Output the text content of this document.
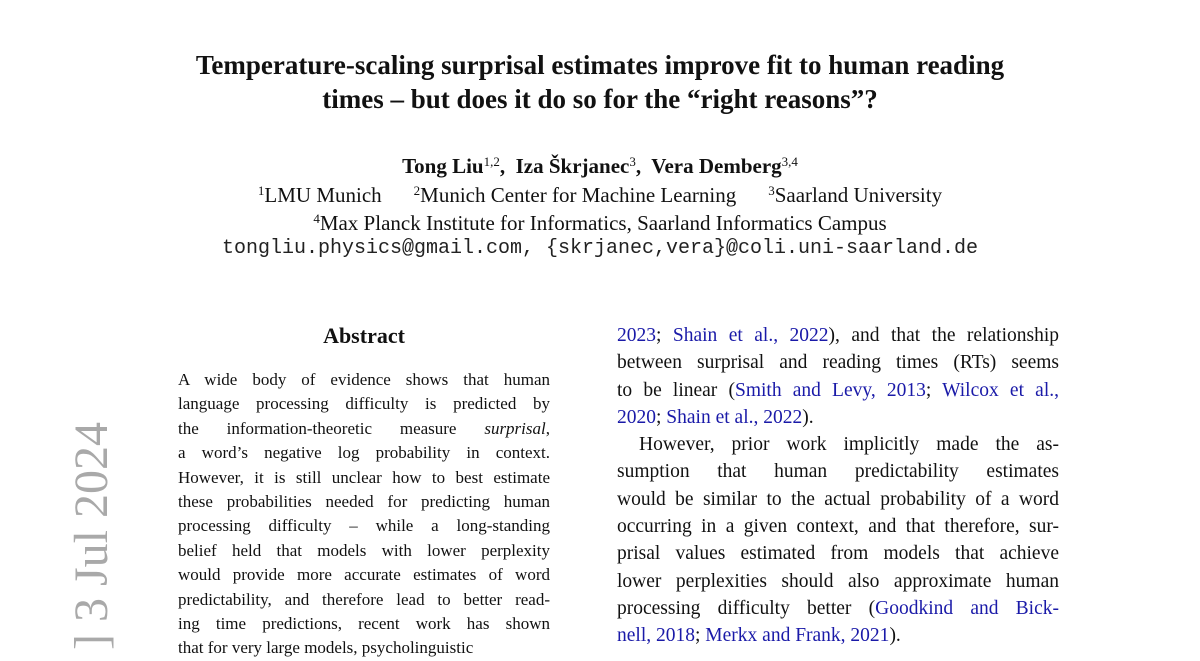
Temperature-scaling surprisal estimates improve fit to human reading
times – but does it do so for the “right reasons”?
Tong Liu$^{1,2}$,  Iza Škrjanec$^3$,  Vera Demberg$^{3,4}$
$^1$LMU Munich $^2$Munich Center for Machine Learning $^3$Saarland University
$^4$Max Planck Institute for Informatics, Saarland Informatics Campus
tongliu.physics@gmail.com, {skrjanec,vera}@coli.uni-saarland.de
Abstract
A wide body of evidence shows that human
language processing difficulty is predicted by
the information-theoretic measure surprisal,
a word’s negative log probability in context.
However, it is still unclear how to best estimate
these probabilities needed for predicting human
processing difficulty – while a long-standing
belief held that models with lower perplexity
would provide more accurate estimates of word
predictability, and therefore lead to better read-
ing time predictions, recent work has shown
that for very large models, psycholinguistic
2023; Shain et al., 2022), and that the relationship
between surprisal and reading times (RTs) seems
to be linear (Smith and Levy, 2013; Wilcox et al.,
2020; Shain et al., 2022).
However, prior work implicitly made the as-
sumption that human predictability estimates
would be similar to the actual probability of a word
occurring in a given context, and that therefore, sur-
prisal values estimated from models that achieve
lower perplexities should also approximate human
processing difficulty better (Goodkind and Bick-
nell, 2018; Merkx and Frank, 2021).
] 3 Jul 2024
